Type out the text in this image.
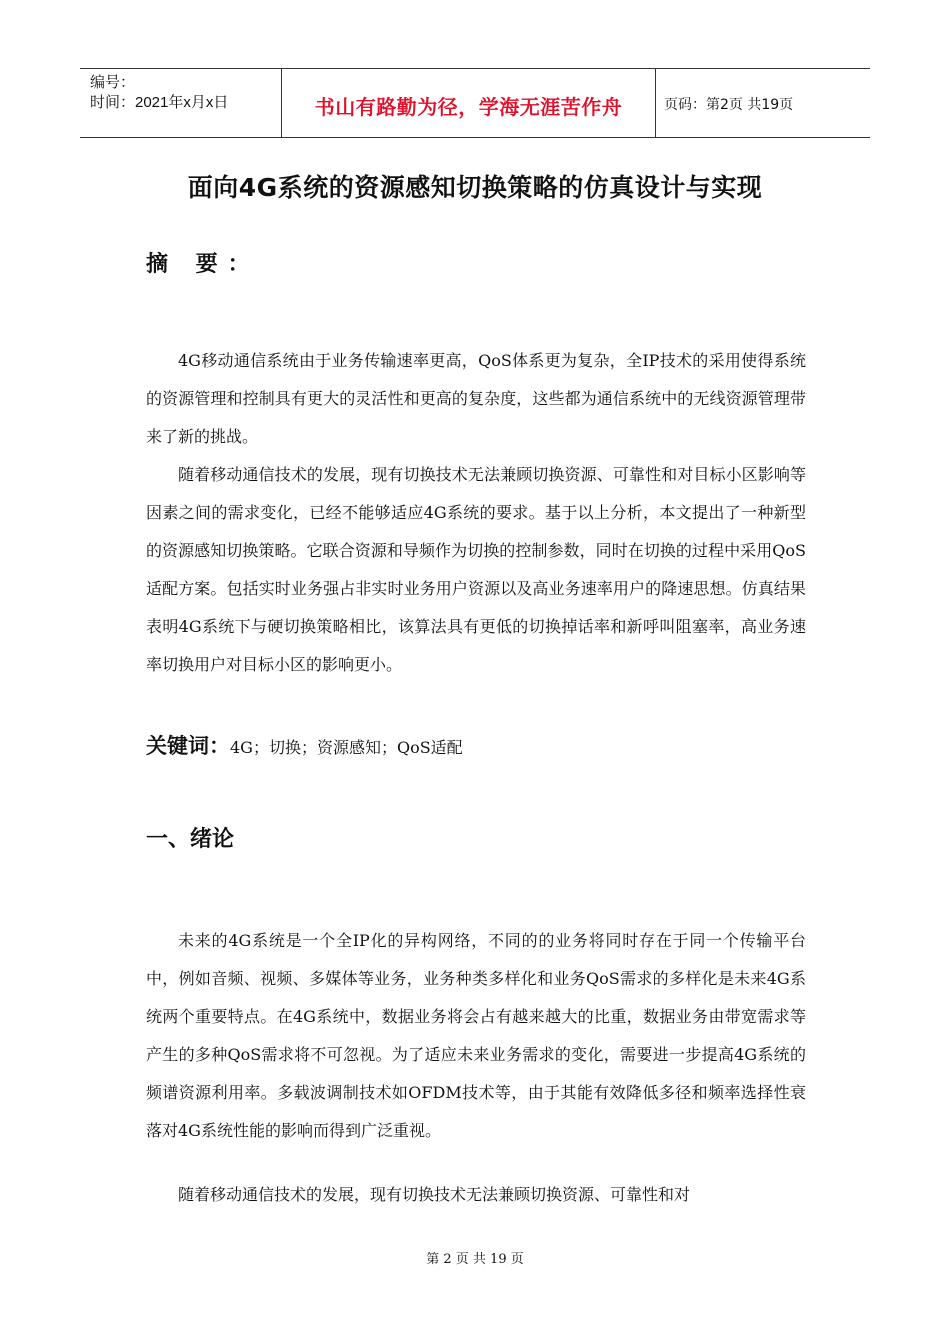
编号：
时间：2021年x月x日	书山有路勤为径，学海无涯苦作舟	页码：第2页 共19页
面向4G系统的资源感知切换策略的仿真设计与实现
摘 要：

4G移动通信系统由于业务传输速率更高，QoS体系更为复杂，全IP技术的采用使得系统的资源管理和控制具有更大的灵活性和更高的复杂度，这些都为通信系统中的无线资源管理带来了新的挑战。

随着移动通信技术的发展，现有切换技术无法兼顾切换资源、可靠性和对目标小区影响等因素之间的需求变化，已经不能够适应4G系统的要求。基于以上分析，本文提出了一种新型的资源感知切换策略。它联合资源和导频作为切换的控制参数，同时在切换的过程中采用QoS适配方案。包括实时业务强占非实时业务用户资源以及高业务速率用户的降速思想。仿真结果表明4G系统下与硬切换策略相比，该算法具有更低的切换掉话率和新呼叫阻塞率，高业务速率切换用户对目标小区的影响更小。

关键词：4G；切换；资源感知；QoS适配
一、绪论

未来的4G系统是一个全IP化的异构网络，不同的的业务将同时存在于同一个传输平台中，例如音频、视频、多媒体等业务，业务种类多样化和业务QoS需求的多样化是未来4G系统两个重要特点。在4G系统中，数据业务将会占有越来越大的比重，数据业务由带宽需求等产生的多种QoS需求将不可忽视。为了适应未来业务需求的变化，需要进一步提高4G系统的频谱资源利用率。多载波调制技术如OFDM技术等，由于其能有效降低多径和频率选择性衰落对4G系统性能的影响而得到广泛重视。

随着移动通信技术的发展，现有切换技术无法兼顾切换资源、可靠性和对

第 2 页 共 19 页
